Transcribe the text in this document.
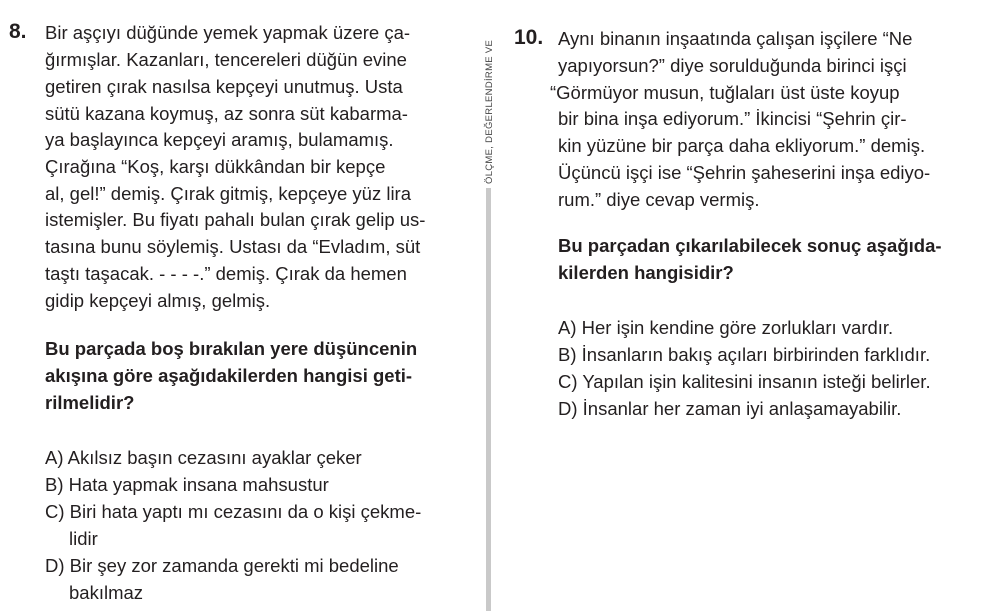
8. Bir aşçıyı düğünde yemek yapmak üzere ça-
ğırmışlar. Kazanları, tencereleri düğün evine
getiren çırak nasılsa kepçeyi unutmuş. Usta
sütü kazana koymuş, az sonra süt kabarma-
ya başlayınca kepçeyi aramış, bulamamış.
Çırağına “Koş, karşı dükkândan bir kepçe
al, gel!” demiş. Çırak gitmiş, kepçeye yüz lira
istemişler. Bu fiyatı pahalı bulan çırak gelip us-
tasına bunu söylemiş. Ustası da “Evladım, süt
taştı taşacak. - - - -.” demiş. Çırak da hemen
gidip kepçeyi almış, gelmiş.
Bu parçada boş bırakılan yere düşüncenin
akışına göre aşağıdakilerden hangisi geti-
rilmelidir?
A) Akılsız başın cezasını ayaklar çeker
B) Hata yapmak insana mahsustur
C) Biri hata yaptı mı cezasını da o kişi çekme-
lidir
D) Bir şey zor zamanda gerekti mi bedeline
bakılmaz
ÖLÇME, DEĞERLENDİRME VE
10. Aynı binanın inşaatında çalışan işçilere “Ne
yapıyorsun?” diye sorulduğunda birinci işçi
“Görmüyor musun, tuğlaları üst üste koyup
bir bina inşa ediyorum.” İkincisi “Şehrin çir-
kin yüzüne bir parça daha ekliyorum.” demiş.
Üçüncü işçi ise “Şehrin şaheserini inşa ediyo-
rum.” diye cevap vermiş.
Bu parçadan çıkarılabilecek sonuç aşağıda-
kilerden hangisidir?
A) Her işin kendine göre zorlukları vardır.
B) İnsanların bakış açıları birbirinden farklıdır.
C) Yapılan işin kalitesini insanın isteği belirler.
D) İnsanlar her zaman iyi anlaşamayabilir.
